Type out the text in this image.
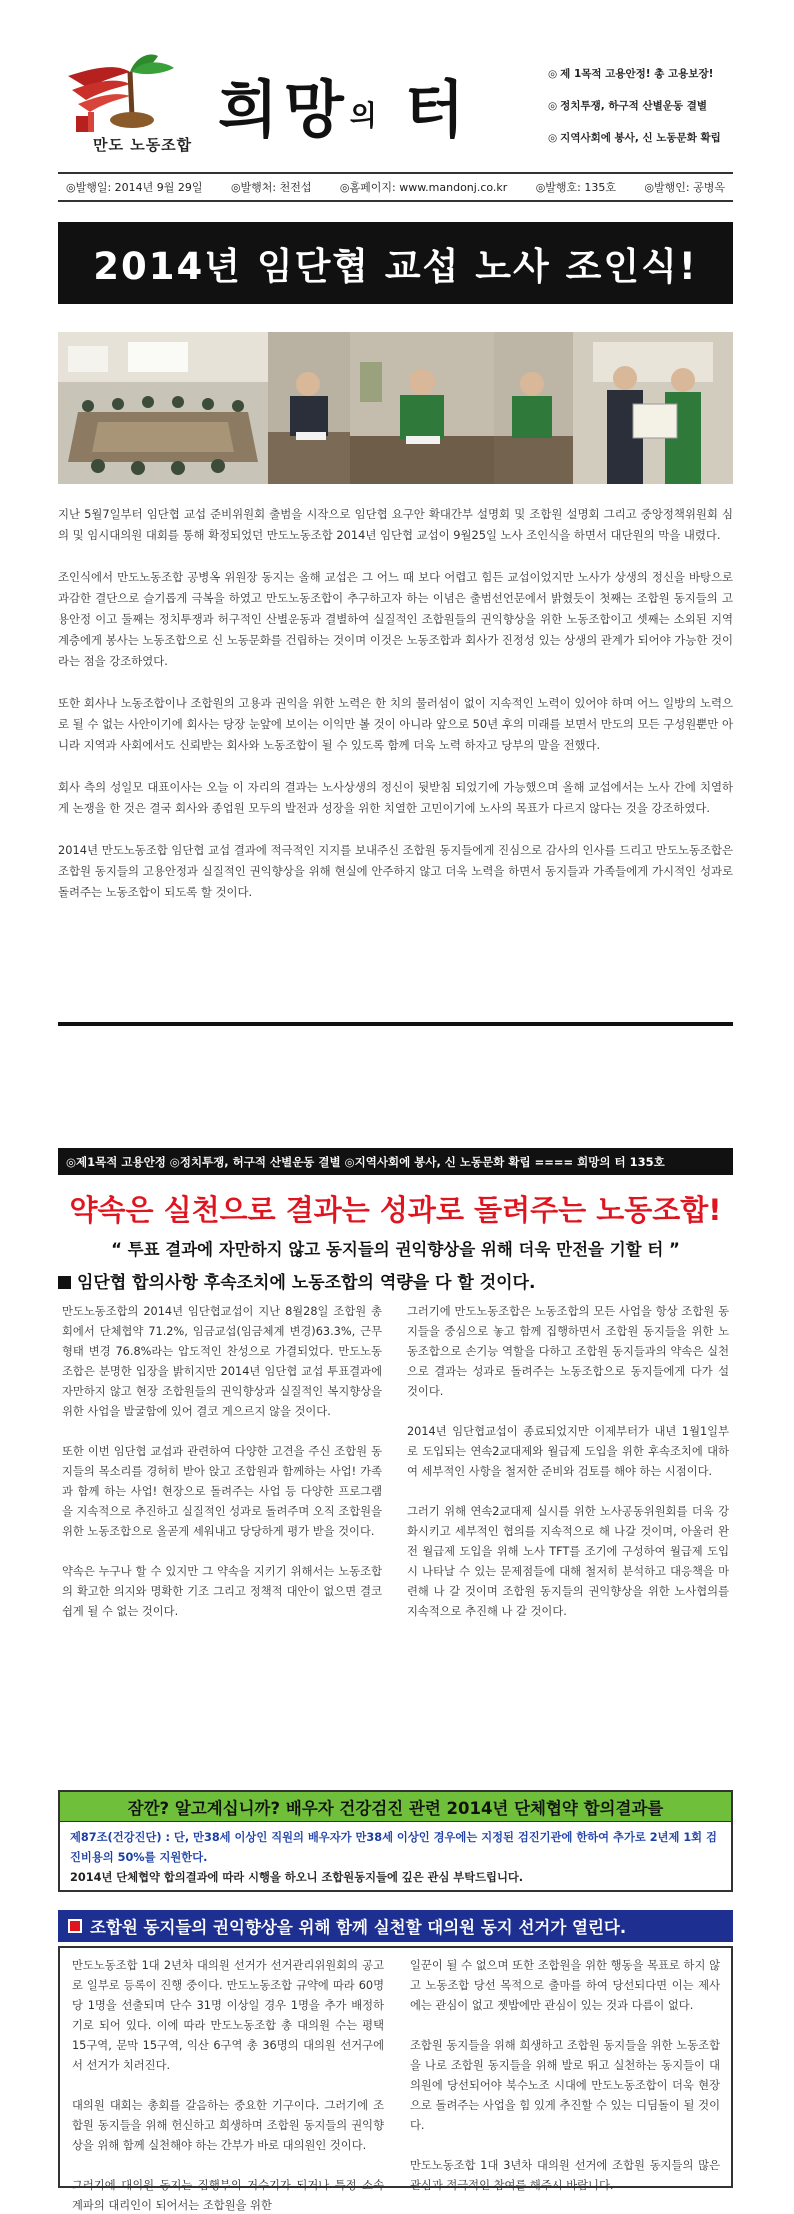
만도 노동조합 희망의 터
◎	제 1목적 고용안정! 총 고용보장!
◎ 정치투쟁, 하구적 산별운동 결별
◎ 지역사회에 봉사, 신 노동문화 확립
◎발행일: 2014년 9월 29일	◎발행처: 천전섭	◎홈페이지: www.mandonj.co.kr	◎발행호: 135호	◎발행인: 공병옥
2014년 임단협 교섭 노사 조인식!

지난 5월7일부터 임단협 교섭 준비위원회 출범을 시작으로 임단협 요구안 확대간부 설명회 및 조합원 설명회 그리고 중앙정책위원회 심의 및 임시대의원 대회를 통해 확정되었던 만도노동조합 2014년 임단협 교섭이 9월25일 노사 조인식을 하면서 대단원의 막을 내렸다.

조인식에서 만도노동조합 공병옥 위원장 동지는 올해 교섭은 그 어느 때 보다 어렵고 힘든 교섭이었지만 노사가 상생의 정신을 바탕으로 과감한 결단으로 슬기롭게 극복을 하였고 만도노동조합이 추구하고자 하는 이념은 출범선언문에서 밝혔듯이 첫째는 조합원 동지들의 고용안정 이고 둘째는 정치투쟁과 허구적인 산별운동과 결별하여 실질적인 조합원들의 권익향상을 위한 노동조합이고 셋째는 소외된 지역계층에게 봉사는 노동조합으로 신 노동문화를 건립하는 것이며 이것은 노동조합과 회사가 진정성 있는 상생의 관계가 되어야 가능한 것이라는 점을 강조하였다.

또한 회사나 노동조합이나 조합원의 고용과 권익을 위한 노력은 한 치의 물러섬이 없이 지속적인 노력이 있어야 하며 어느 일방의 노력으로 될 수 없는 사안이기에 회사는 당장 눈앞에 보이는 이익만 볼 것이 아니라 앞으로 50년 후의 미래를 보면서 만도의 모든 구성원뿐만 아니라 지역과 사회에서도 신뢰받는 회사와 노동조합이 될 수 있도록 함께 더욱 노력 하자고 당부의 말을 전했다.

회사 측의 성일모 대표이사는 오늘 이 자리의 결과는 노사상생의 정신이 뒷받침 되었기에 가능했으며 올해 교섭에서는 노사 간에 치열하게 논쟁을 한 것은 결국 회사와 종업원 모두의 발전과 성장을 위한 치열한 고민이기에 노사의 목표가 다르지 않다는 것을 강조하였다.

2014년 만도노동조합 임단협 교섭 결과에 적극적인 지지를 보내주신 조합원 동지들에게 진심으로 감사의 인사를 드리고 만도노동조합은 조합원 동지들의 고용안정과 실질적인 권익향상을 위해 현실에 안주하지 않고 더욱 노력을 하면서 동지들과 가족들에게 가시적인 성과로 돌려주는 노동조합이 되도록 할 것이다.

◎제1목적 고용안정 ◎정치투쟁, 허구적 산별운동 결별 ◎지역사회에 봉사, 신 노동문화 확립 ==== 희망의 터 135호
약속은 실천으로 결과는 성과로 돌려주는 노동조합!
“ 투표 결과에 자만하지 않고 동지들의 권익향상을 위해 더욱 만전을 기할 터 ”
임단협 합의사항 후속조치에 노동조합의 역량을 다 할 것이다.

만도노동조합의 2014년 임단협교섭이 지난 8월28일 조합원 총회에서 단체협약 71.2%, 임금교섭(임금체계 변경)63.3%, 근무형태 변경 76.8%라는 압도적인 찬성으로 가결되었다. 만도노동조합은 분명한 입장을 밝히지만 2014년 임단협 교섭 투표결과에 자만하지 않고 현장 조합원들의 권익향상과 실질적인 복지향상을 위한 사업을 발굴함에 있어 결코 게으르지 않을 것이다.

또한 이번 임단협 교섭과 관련하여 다양한 고견을 주신 조합원 동지들의 목소리를 경허히 받아 앉고 조합원과 함께하는 사업! 가족과 함께 하는 사업! 현장으로 돌려주는 사업 등 다양한 프로그램을 지속적으로 추진하고 실질적인 성과로 돌려주며 오직 조합원을 위한 노동조합으로 올곧게 세워내고 당당하게 평가 받을 것이다.

약속은 누구나 할 수 있지만 그 약속을 지키기 위해서는 노동조합의 확고한 의지와 명확한 기조 그리고 정책적 대안이 없으면 결코 쉽게 될 수 없는 것이다.

그러기에 만도노동조합은 노동조합의 모든 사업을 항상 조합원 동지들을 중심으로 놓고 함께 집행하면서 조합원 동지들을 위한 노동조합으로 손기능 역할을 다하고 조합원 동지들과의 약속은 실천으로 결과는 성과로 돌려주는 노동조합으로 동지들에게 다가 설 것이다.

2014년 임단협교섭이 종료되었지만 이제부터가 내년 1월1일부로 도입되는 연속2교대제와 월급제 도입을 위한 후속조치에 대하여 세부적인 사항을 철저한 준비와 검토를 해야 하는 시점이다.

그러기 위해 연속2교대제 실시를 위한 노사공동위원회를 더욱 강화시키고 세부적인 협의를 지속적으로 해 나갈 것이며, 아울러 완전 월급제 도입을 위해 노사 TFT를 조기에 구성하여 월급제 도입 시 나타날 수 있는 문제점들에 대해 철저히 분석하고 대응책을 마련해 나 갈 것이며 조합원 동지들의 권익향상을 위한 노사협의를 지속적으로 추진해 나 갈 것이다.

잠깐? 알고계십니까? 배우자 건강검진 관련 2014년 단체협약 합의결과를
제87조(건강진단) : 단, 만38세 이상인 직원의 배우자가 만38세 이상인 경우에는 지정된 검진기관에 한하여 추가로 2년제 1회 검진비용의 50%를 지원한다.
2014년 단체협약 합의결과에 따라 시행을 하오니 조합원동지들에 깊은 관심 부탁드립니다.
조합원 동지들의 권익향상을 위해 함께 실천할 대의원 동지 선거가 열린다.

만도노동조합 1대 2년차 대의원 선거가 선거관리위원회의 공고로 일부로 등록이 진행 중이다. 만도노동조합 규약에 따라 60명당 1명을 선출되며 단수 31명 이상일 경우 1명을 추가 배정하기로 되어 있다. 이에 따라 만도노동조합 총 대의원 수는 평택 15구역, 문막 15구역, 익산 6구역 총 36명의 대의원 선거구에서 선거가 치러진다.

대의원 대회는 총회를 갈음하는 중요한 기구이다. 그러기에 조합원 동지들을 위해 헌신하고 희생하며 조합원 동지들의 권익향상을 위해 함께 실천해야 하는 간부가 바로 대의원인 것이다.

그러기에 대의원 동지는 집행부의 거수기가 되거나 특정 소속 계파의 대리인이 되어서는 조합원을 위한

일꾼이 될 수 없으며 또한 조합원을 위한 행동을 목표로 하지 않고 노동조합 당선 목적으로 출마를 하여 당선되다면 이는 제사에는 관심이 없고 젯밥에만 관심이 있는 것과 다름이 없다.

조합원 동지들을 위해 희생하고 조합원 동지들을 위한 노동조합을 나로 조합원 동지들을 위해 발로 뛰고 실천하는 동지들이 대의원에 당선되어야 북수노조 시대에 만도노동조합이 더욱 현장으로 돌려주는 사업을 힘 있게 추진할 수 있는 디딤돌이 될 것이다.

만도노동조합 1대 3년차 대의원 선거에 조합원 동지들의 많은 관심과 적극적인 참여를 해주시 바랍니다.
